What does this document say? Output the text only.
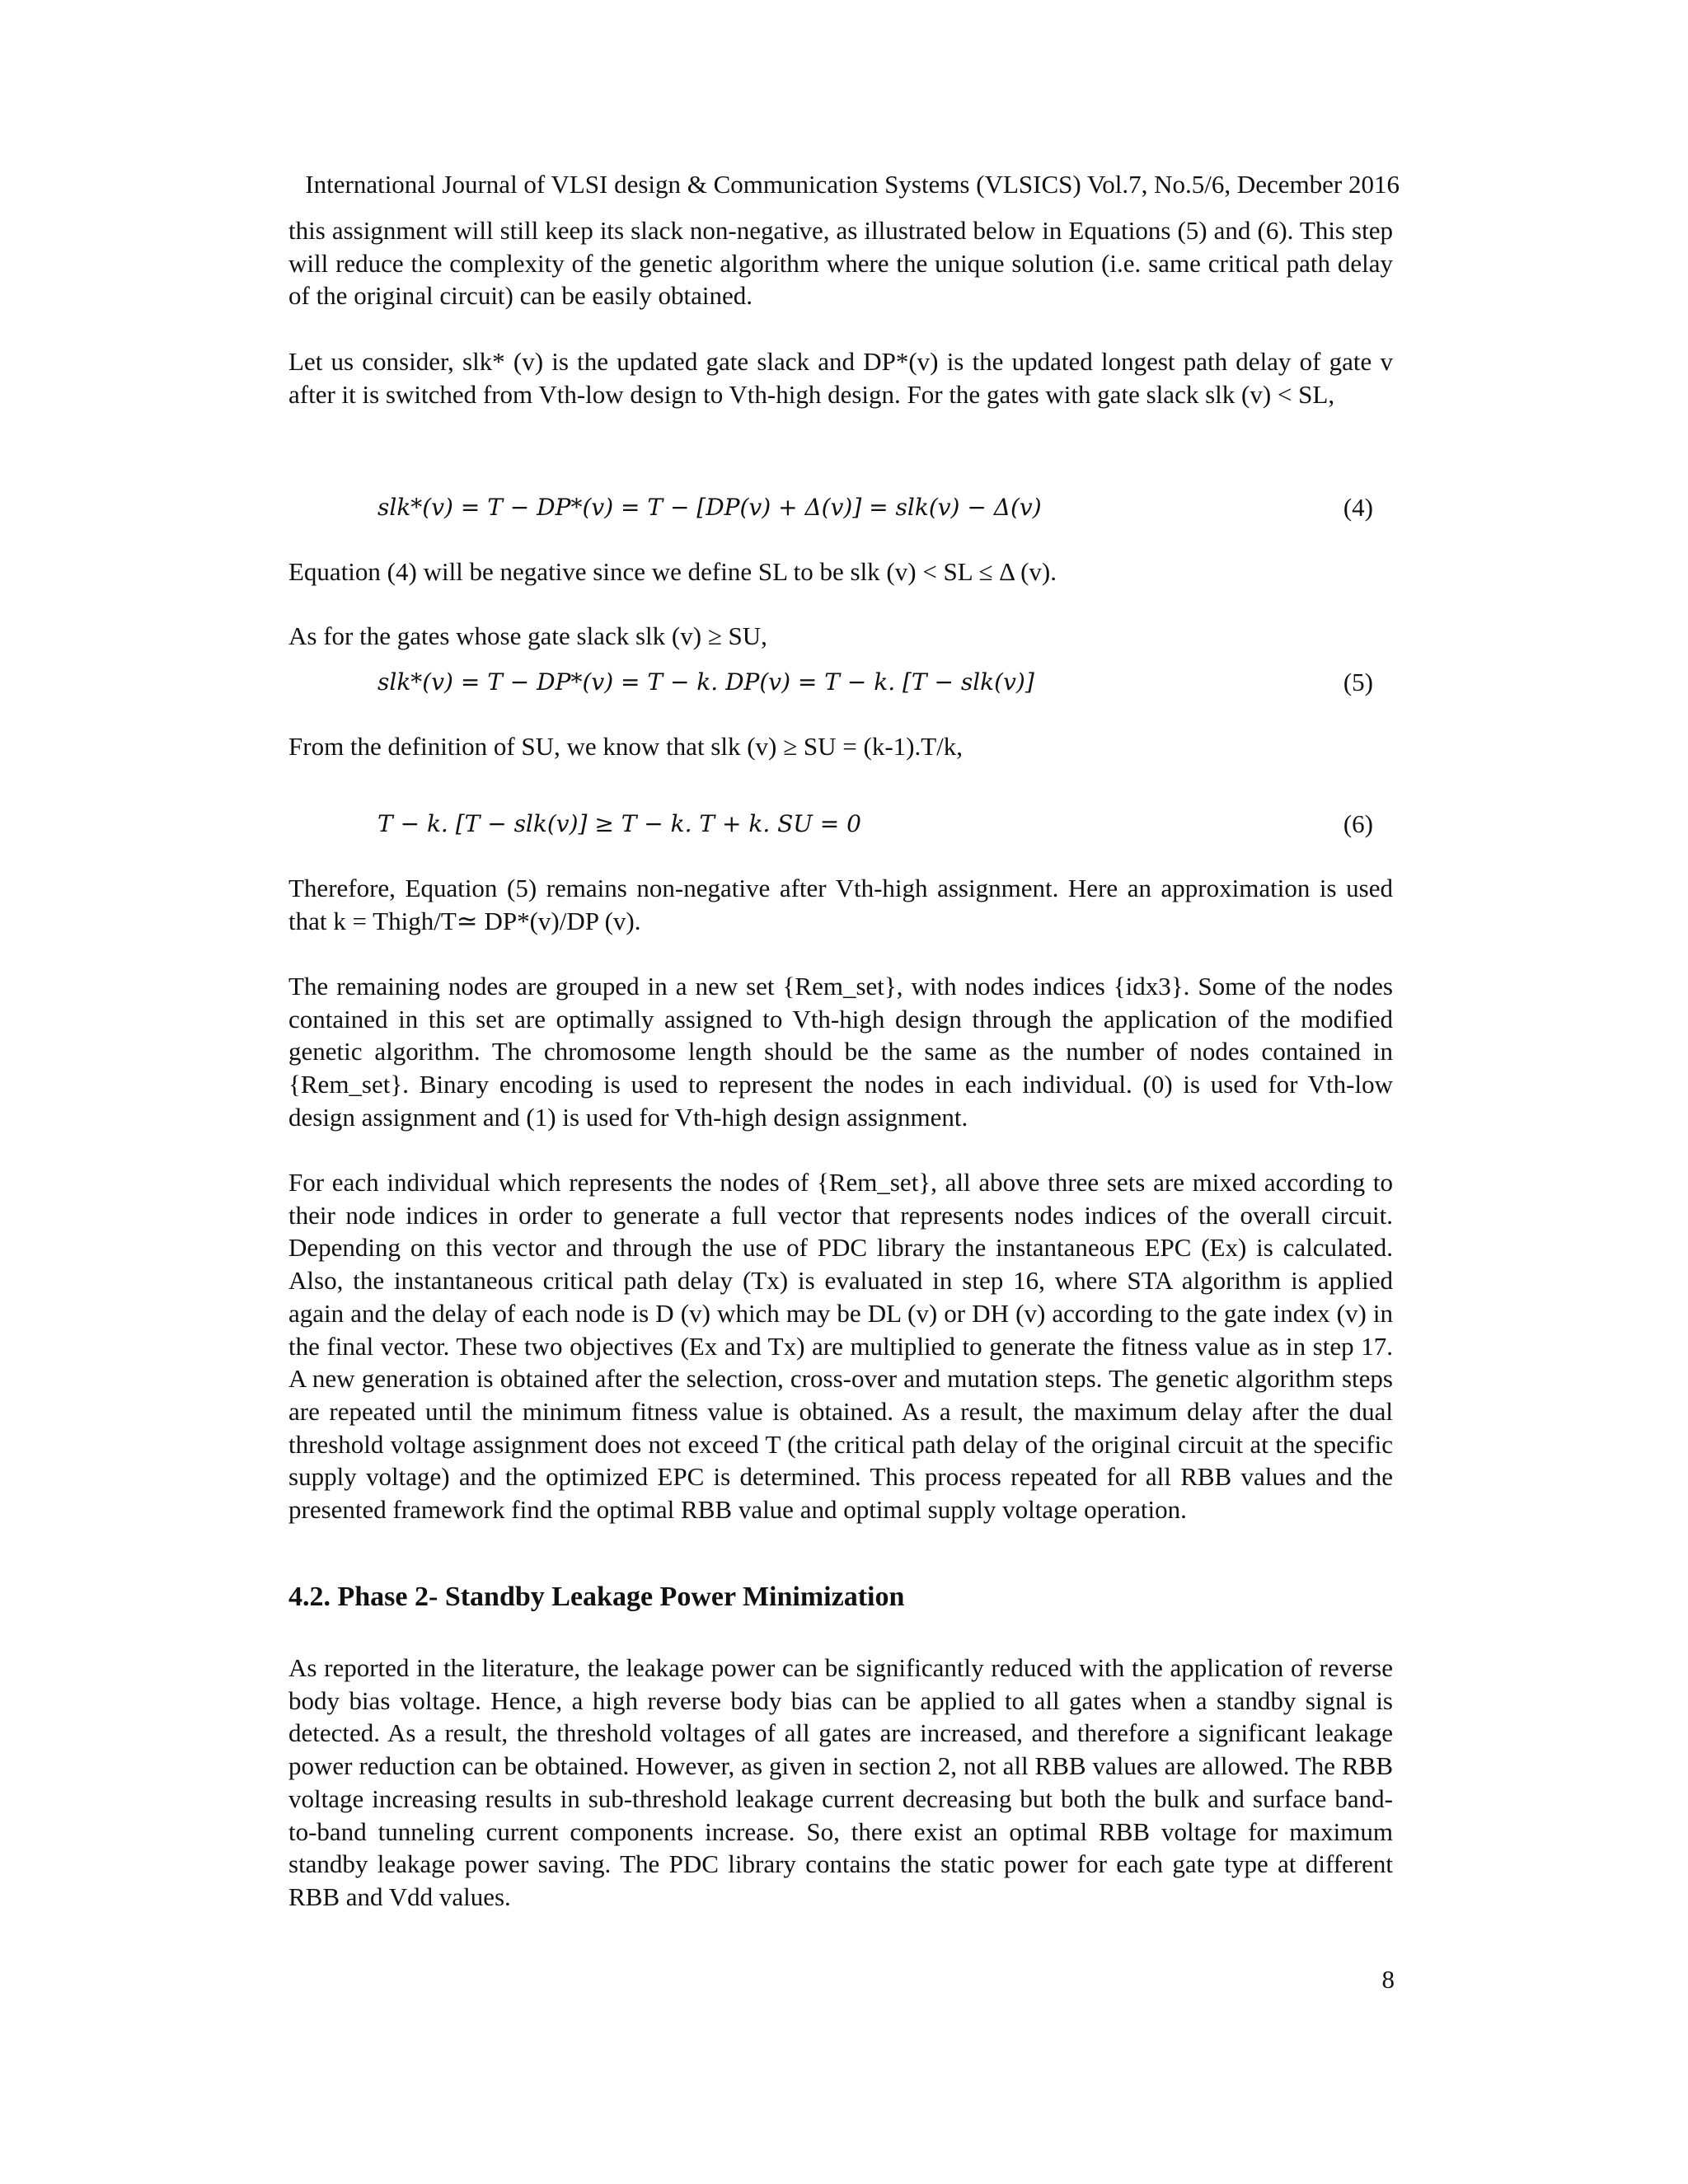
International Journal of VLSI design & Communication Systems (VLSICS) Vol.7, No.5/6, December 2016

this assignment will still keep its slack non-negative, as illustrated below in Equations (5) and (6). This step will reduce the complexity of the genetic algorithm where the unique solution (i.e. same critical path delay of the original circuit) can be easily obtained.

Let us consider, slk* (v) is the updated gate slack and DP*(v) is the updated longest path delay of gate v after it is switched from Vth-low design to Vth-high design. For the gates with gate slack slk (v) < SL,

slk*(v) = T − DP*(v) = T − [DP(v) + Δ(v)] = slk(v) − Δ(v)	(4)

Equation (4) will be negative since we define SL to be slk (v) < SL ≤ Δ (v).

As for the gates whose gate slack slk (v) ≥ SU,

slk*(v) = T − DP*(v) = T − k. DP(v) = T − k. [T − slk(v)]	(5)

From the definition of SU, we know that slk (v) ≥ SU = (k-1).T/k,

T − k. [T − slk(v)] ≥ T − k. T + k. SU = 0	(6)

Therefore, Equation (5) remains non-negative after Vth-high assignment. Here an approximation is used that k = Thigh/T≃ DP*(v)/DP (v).

The remaining nodes are grouped in a new set {Rem_set}, with nodes indices {idx3}. Some of the nodes contained in this set are optimally assigned to Vth-high design through the application of the modified genetic algorithm. The chromosome length should be the same as the number of nodes contained in {Rem_set}. Binary encoding is used to represent the nodes in each individual. (0) is used for Vth-low design assignment and (1) is used for Vth-high design assignment.

For each individual which represents the nodes of {Rem_set}, all above three sets are mixed according to their node indices in order to generate a full vector that represents nodes indices of the overall circuit. Depending on this vector and through the use of PDC library the instantaneous EPC (Ex) is calculated. Also, the instantaneous critical path delay (Tx) is evaluated in step 16, where STA algorithm is applied again and the delay of each node is D (v) which may be DL (v) or DH (v) according to the gate index (v) in the final vector. These two objectives (Ex and Tx) are multiplied to generate the fitness value as in step 17. A new generation is obtained after the selection, cross-over and mutation steps. The genetic algorithm steps are repeated until the minimum fitness value is obtained. As a result, the maximum delay after the dual threshold voltage assignment does not exceed T (the critical path delay of the original circuit at the specific supply voltage) and the optimized EPC is determined. This process repeated for all RBB values and the presented framework find the optimal RBB value and optimal supply voltage operation.

4.2. Phase 2- Standby Leakage Power Minimization

As reported in the literature, the leakage power can be significantly reduced with the application of reverse body bias voltage. Hence, a high reverse body bias can be applied to all gates when a standby signal is detected. As a result, the threshold voltages of all gates are increased, and therefore a significant leakage power reduction can be obtained. However, as given in section 2, not all RBB values are allowed. The RBB voltage increasing results in sub-threshold leakage current decreasing but both the bulk and surface band-to-band tunneling current components increase. So, there exist an optimal RBB voltage for maximum standby leakage power saving. The PDC library contains the static power for each gate type at different RBB and Vdd values.

8
